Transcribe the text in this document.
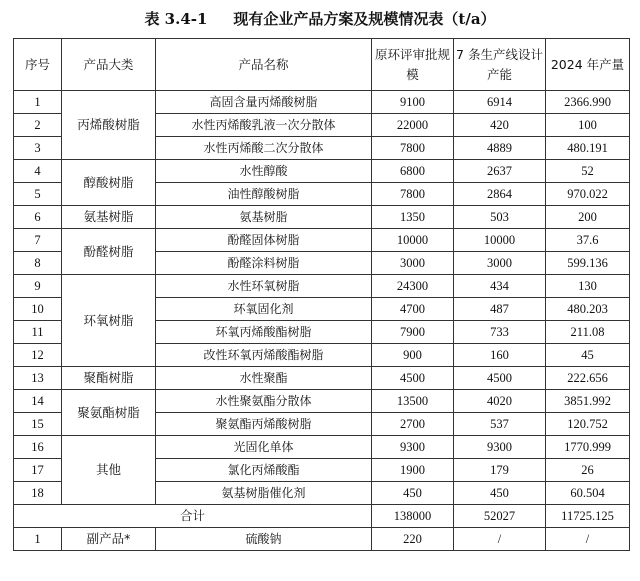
表 3.4-1 现有企业产品方案及规模情况表（t/a）
序号	产品大类	产品名称	原环评审批规模	7 条生产线设计产能	2024 年产量
1	丙烯酸树脂	高固含量丙烯酸树脂	9100	6914	2366.990
2		水性丙烯酸乳液一次分散体	22000	420	100
3		水性丙烯酸二次分散体	7800	4889	480.191
4	醇酸树脂	水性醇酸	6800	2637	52
5		油性醇酸树脂	7800	2864	970.022
6	氨基树脂	氨基树脂	1350	503	200
7	酚醛树脂	酚醛固体树脂	10000	10000	37.6
8		酚醛涂料树脂	3000	3000	599.136
9	环氧树脂	水性环氧树脂	24300	434	130
10		环氧固化剂	4700	487	480.203
11		环氧丙烯酸酯树脂	7900	733	211.08
12		改性环氧丙烯酸酯树脂	900	160	45
13	聚酯树脂	水性聚酯	4500	4500	222.656
14	聚氨酯树脂	水性聚氨酯分散体	13500	4020	3851.992
15		聚氨酯丙烯酸树脂	2700	537	120.752
16	其他	光固化单体	9300	9300	1770.999
17		氯化丙烯酸酯	1900	179	26
18		氨基树脂催化剂	450	450	60.504
合计			138000	52027	11725.125
1	副产品*	硫酸钠	220	/	/
